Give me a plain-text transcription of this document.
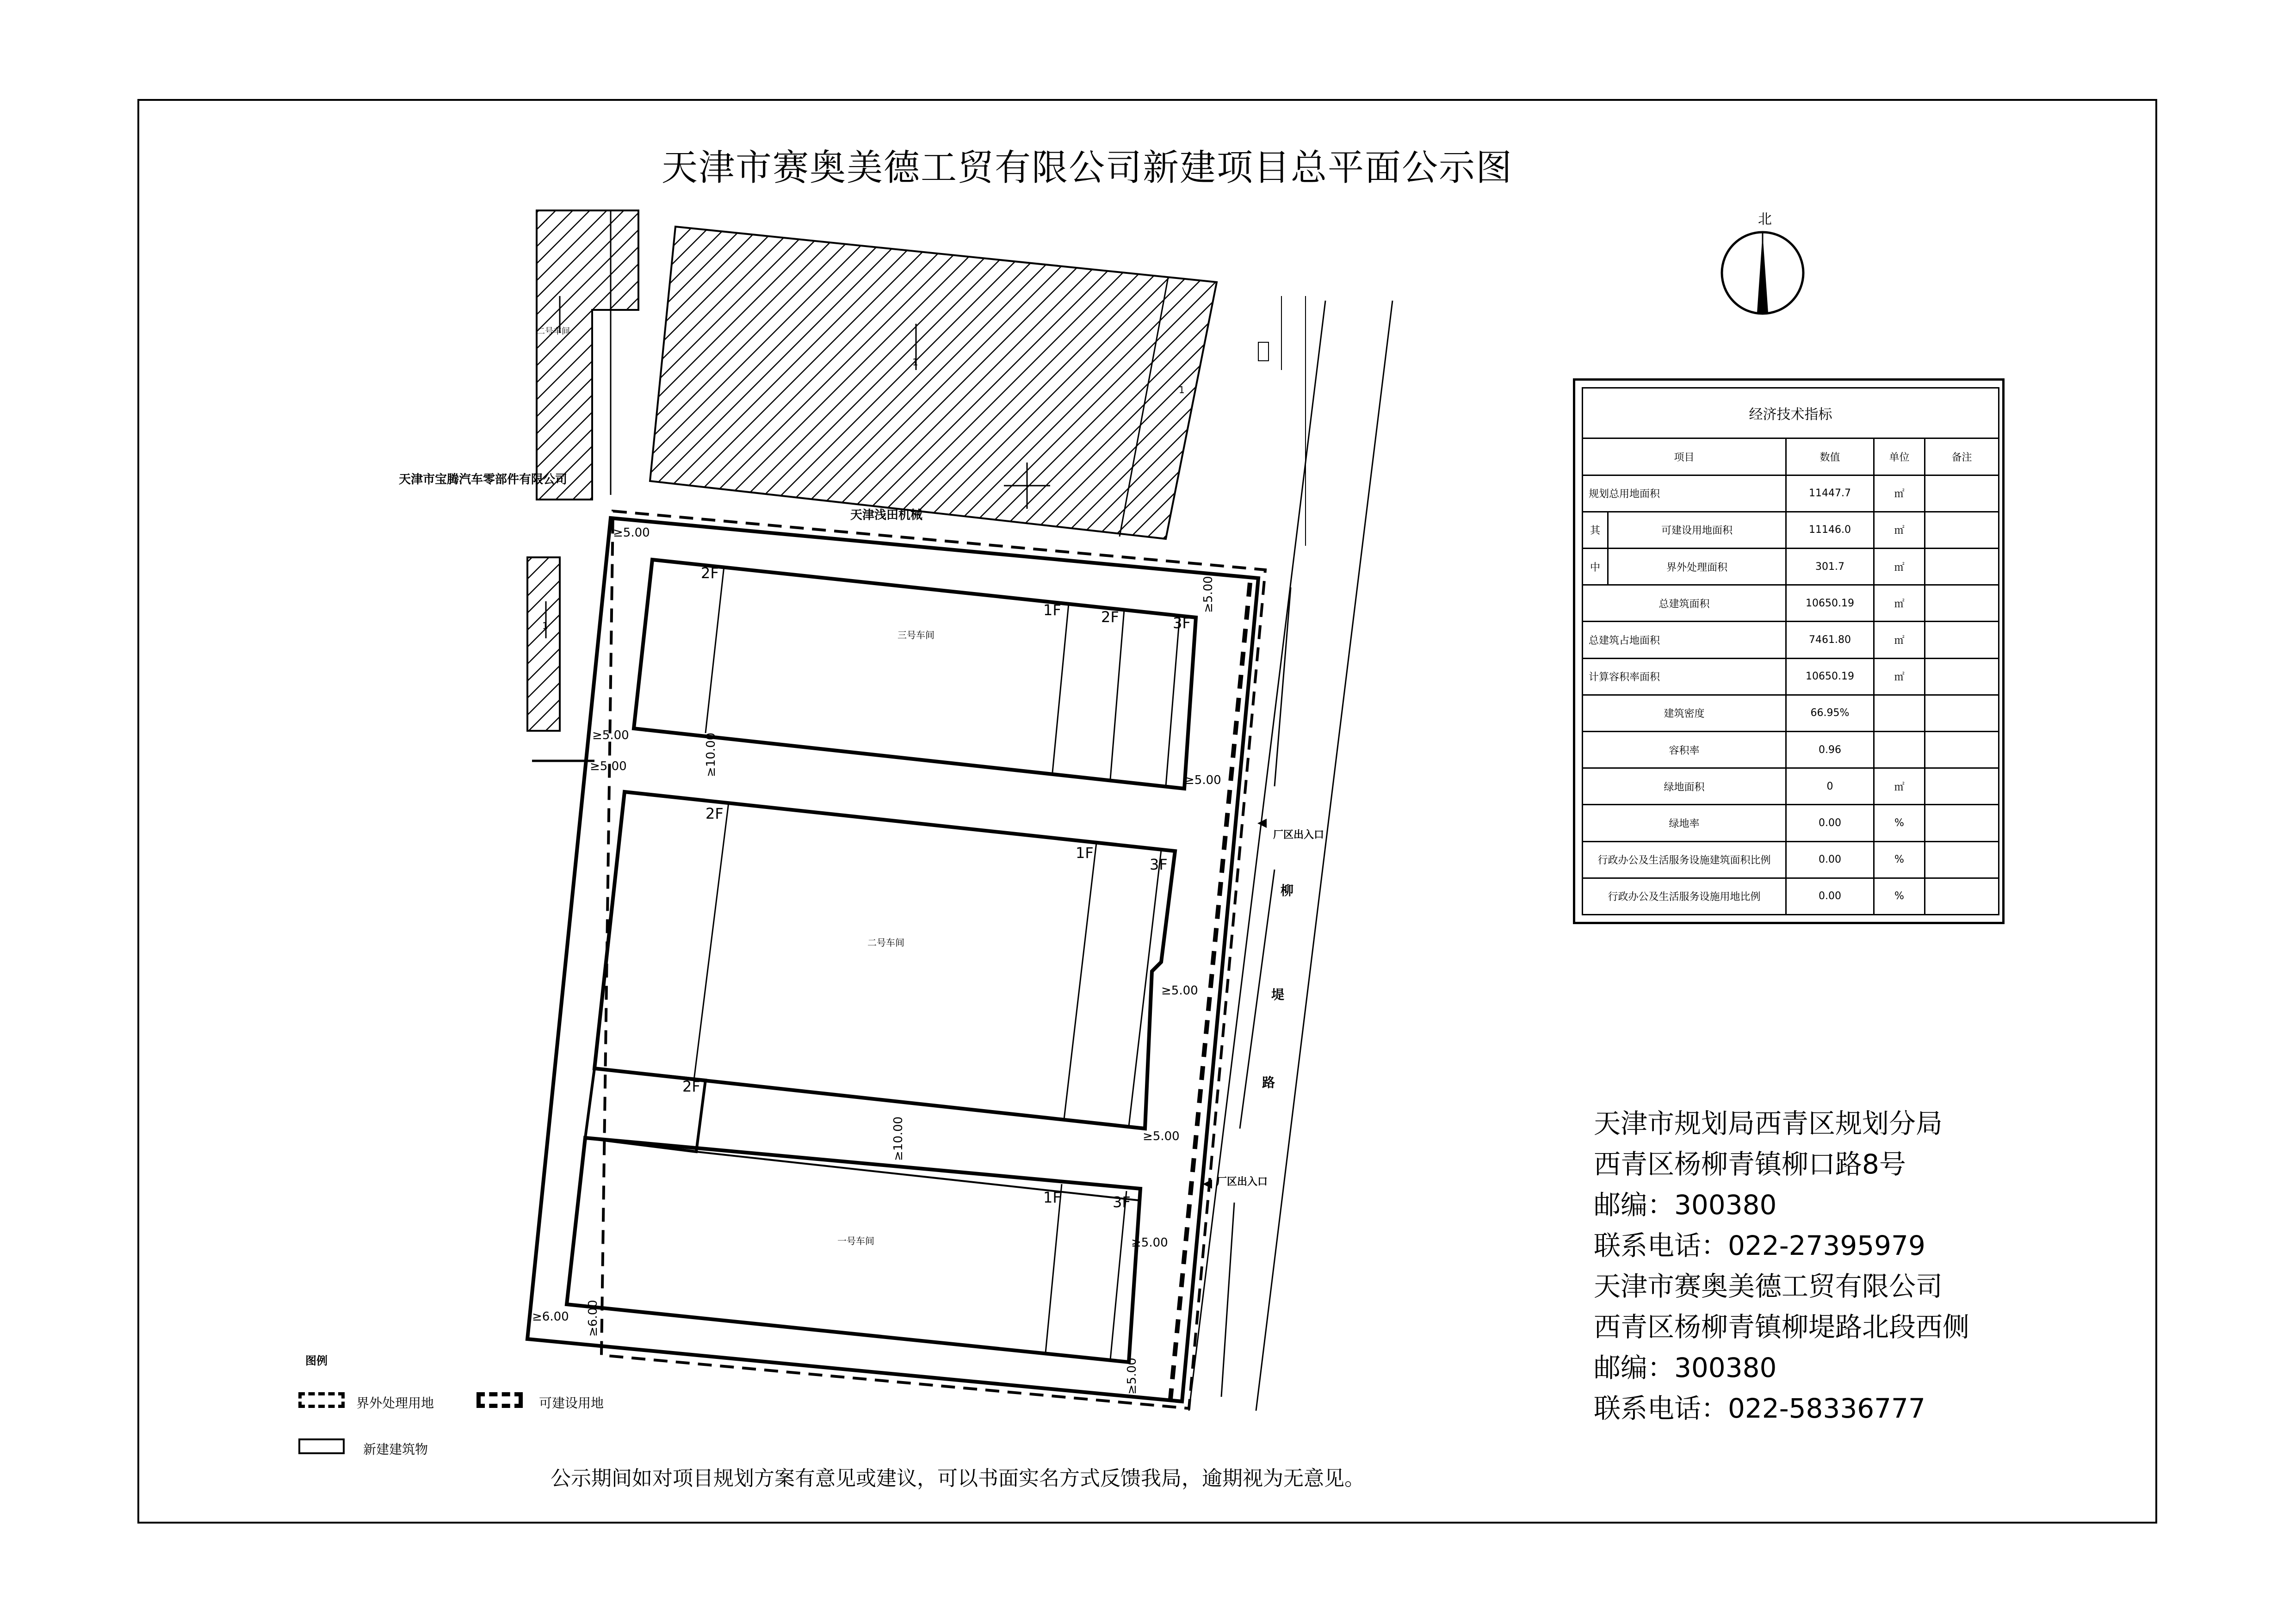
天津市赛奥美德工贸有限公司新建项目总平面公示图
北
二号车间
1
1
1
天津市宝腾汽车零部件有限公司
天津浅田机械
柳
堤
路
厂区出入口
厂区出入口
三号车间
2F
1F	2F	3F
二号车间
2F
1F
3F
2F
一号车间
1F	3F
≥5.00
≥5.00
≥5.00	≥10.00
≥5.00
≥5.00
≥5.00
≥10.00	≥5.00
≥5.00
≥5.00
≥6.00 ≥6.00
经济技术指标				
项目		数值	单位	备注
规划总用地面积		11447.7	㎡	
其	可建设用地面积	11146.0	㎡	
中	界外处理面积	301.7	㎡	
总建筑面积		10650.19	㎡	
总建筑占地面积		7461.80	㎡	
计算容积率面积		10650.19	㎡	
建筑密度		66.95%		
容积率		0.96		
绿地面积		0	㎡	
绿地率		0.00	%	
行政办公及生活服务设施建筑面积比例		0.00	%	
行政办公及生活服务设施用地比例		0.00	%	
天津市规划局西青区规划分局
西青区杨柳青镇柳口路8号
邮编：300380
联系电话：022-27395979
天津市赛奥美德工贸有限公司
西青区杨柳青镇柳堤路北段西侧
邮编：300380
联系电话：022-58336777
图例
界外处理用地	可建设用地
新建建筑物
公示期间如对项目规划方案有意见或建议，可以书面实名方式反馈我局，逾期视为无意见。
